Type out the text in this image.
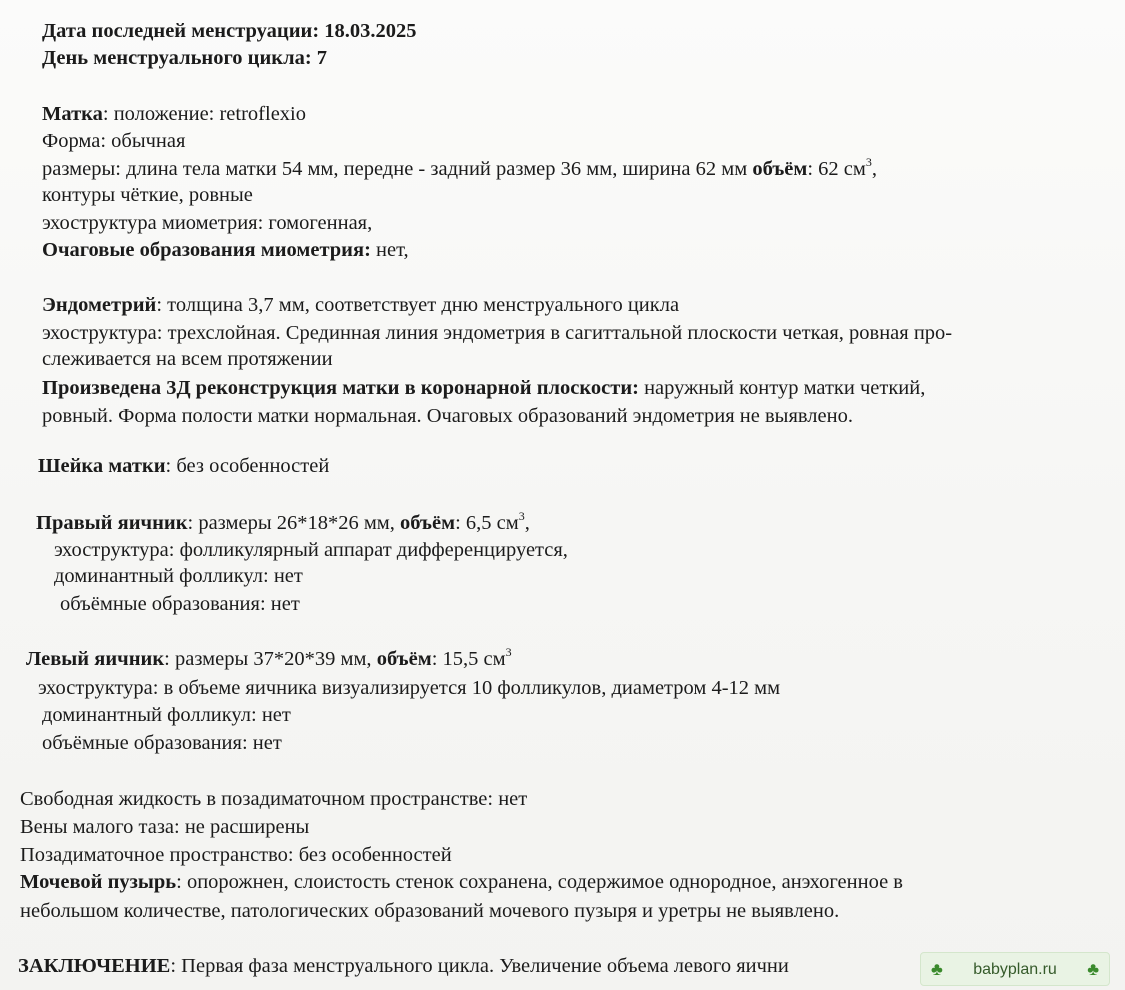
Дата последней менструации: 18.03.2025
День менструального цикла: 7
Матка: положение: retroflexio
Форма: обычная
размеры: длина тела матки 54 мм, передне - задний размер 36 мм, ширина 62 мм объём: 62 $см^3$,
контуры чёткие, ровные
эхоструктура миометрия: гомогенная,
Очаговые образования миометрия: нет,
Эндометрий: толщина 3,7 мм, соответствует дню менструального цикла
эхоструктура: трехслойная. Срединная линия эндометрия в сагиттальной плоскости четкая, ровная про-
слеживается на всем протяжении
Произведена 3Д реконструкция матки в коронарной плоскости: наружный контур матки четкий,
ровный. Форма полости матки нормальная. Очаговых образований эндометрия не выявлено.
Шейка матки: без особенностей
Правый яичник: размеры 26*18*26 мм, объём: 6,5 $см^3$,
эхоструктура: фолликулярный аппарат дифференцируется,
доминантный фолликул: нет
объёмные образования: нет
Левый яичник: размеры 37*20*39 мм, объём: 15,5 $см^3$
эхоструктура: в объеме яичника визуализируется 10 фолликулов, диаметром 4-12 мм
доминантный фолликул: нет
объёмные образования: нет
Свободная жидкость в позадиматочном пространстве: нет
Вены малого таза: не расширены
Позадиматочное пространство: без особенностей
Мочевой пузырь: опорожнен, слоистость стенок сохранена, содержимое однородное, анэхогенное в
небольшом количестве, патологических образований мочевого пузыря и уретры не выявлено.
ЗАКЛЮЧЕНИЕ: Первая фаза менструального цикла. Увеличение объема левого яични	♣ babyplan.ru ♣
